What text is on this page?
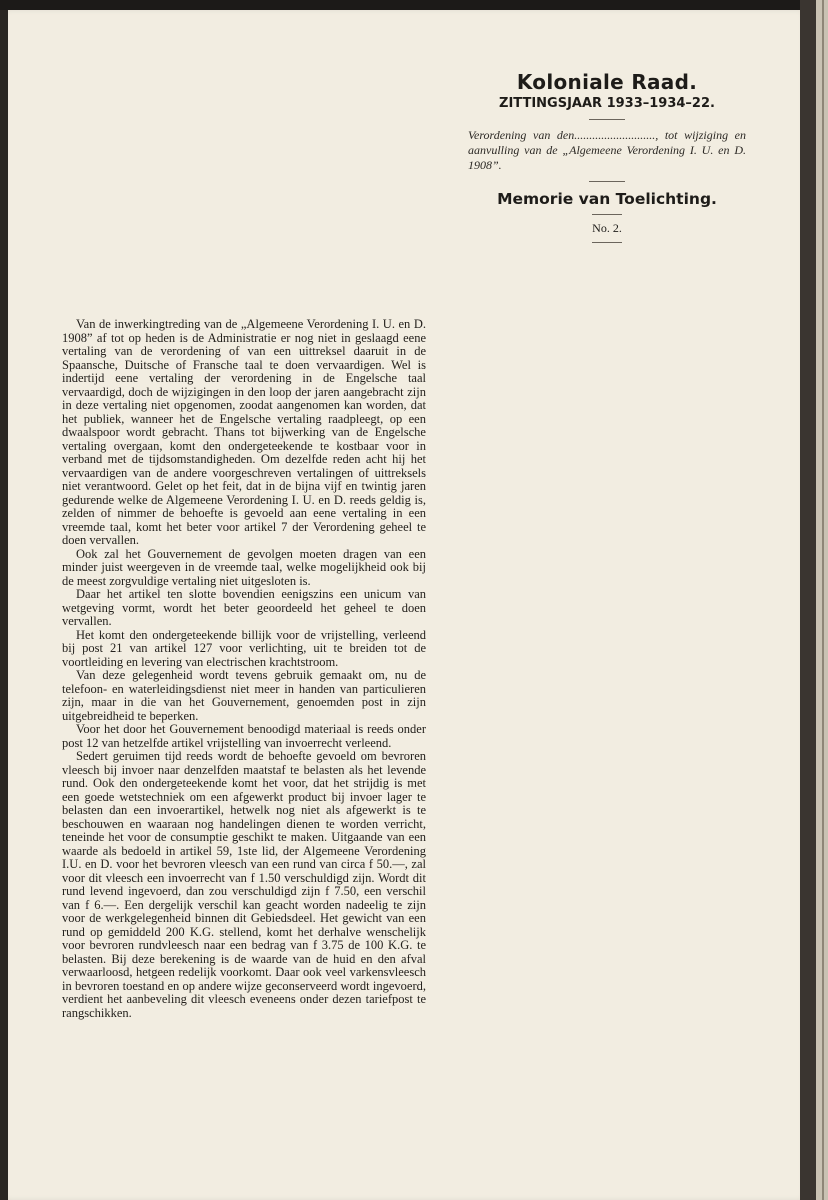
Koloniale Raad.
ZITTINGSJAAR 1933–1934–22.
Verordening van den..........................., tot wijziging en aanvulling van de „Algemeene Verordening I. U. en D. 1908”.
Memorie van Toelichting.
No. 2.

Van de inwerkingtreding van de „Algemeene Verordening I. U. en D. 1908” af tot op heden is de Administratie er nog niet in geslaagd eene vertaling van de verordening of van een uittreksel daaruit in de Spaansche, Duitsche of Fransche taal te doen vervaardigen. Wel is indertijd eene vertaling der verordening in de Engelsche taal vervaardigd, doch de wijzigingen in den loop der jaren aangebracht zijn in deze vertaling niet opgenomen, zoodat aangenomen kan worden, dat het publiek, wanneer het de Engelsche vertaling raadpleegt, op een dwaalspoor wordt gebracht. Thans tot bijwerking van de Engelsche vertaling overgaan, komt den ondergeteekende te kostbaar voor in verband met de tijdsomstandigheden. Om dezelfde reden acht hij het vervaardigen van de andere voorgeschreven vertalingen of uittreksels niet verantwoord. Gelet op het feit, dat in de bijna vijf en twintig jaren gedurende welke de Algemeene Verordening I. U. en D. reeds geldig is, zelden of nimmer de behoefte is gevoeld aan eene vertaling in een vreemde taal, komt het beter voor artikel 7 der Verordening geheel te doen vervallen.

Ook zal het Gouvernement de gevolgen moeten dragen van een minder juist weergeven in de vreemde taal, welke mogelijkheid ook bij de meest zorgvuldige vertaling niet uitgesloten is.

Daar het artikel ten slotte bovendien eenigszins een unicum van wetgeving vormt, wordt het beter geoordeeld het geheel te doen vervallen.

Het komt den ondergeteekende billijk voor de vrijstelling, verleend bij post 21 van artikel 127 voor verlichting, uit te breiden tot de voortleiding en levering van electrischen krachtstroom.

Van deze gelegenheid wordt tevens gebruik gemaakt om, nu de telefoon- en waterleidingsdienst niet meer in handen van particulieren zijn, maar in die van het Gouvernement, genoemden post in zijn uitgebreidheid te beperken.

Voor het door het Gouvernement benoodigd materiaal is reeds onder post 12 van hetzelfde artikel vrijstelling van invoerrecht verleend.

Sedert geruimen tijd reeds wordt de behoefte gevoeld om bevroren vleesch bij invoer naar denzelfden maatstaf te belasten als het levende rund. Ook den ondergeteekende komt het voor, dat het strijdig is met een goede wetstechniek om een afgewerkt product bij invoer lager te belasten dan een invoerartikel, hetwelk nog niet als afgewerkt is te beschouwen en waaraan nog handelingen dienen te worden verricht, teneinde het voor de consumptie geschikt te maken. Uitgaande van een waarde als bedoeld in artikel 59, 1ste lid, der Algemeene Verordening I.U. en D. voor het bevroren vleesch van een rund van circa f 50.—, zal voor dit vleesch een invoerrecht van f 1.50 verschuldigd zijn. Wordt dit rund levend ingevoerd, dan zou verschuldigd zijn f 7.50, een verschil van f 6.—. Een dergelijk verschil kan geacht worden nadeelig te zijn voor de werkgelegenheid binnen dit Gebiedsdeel. Het gewicht van een rund op gemiddeld 200 K.G. stellend, komt het derhalve wenschelijk voor bevroren rundvleesch naar een bedrag van f 3.75 de 100 K.G. te belasten. Bij deze berekening is de waarde van de huid en den afval verwaarloosd, hetgeen redelijk voorkomt. Daar ook veel varkensvleesch in bevroren toestand en op andere wijze geconserveerd wordt ingevoerd, verdient het aanbeveling dit vleesch eveneens onder dezen tariefpost te rangschikken.
